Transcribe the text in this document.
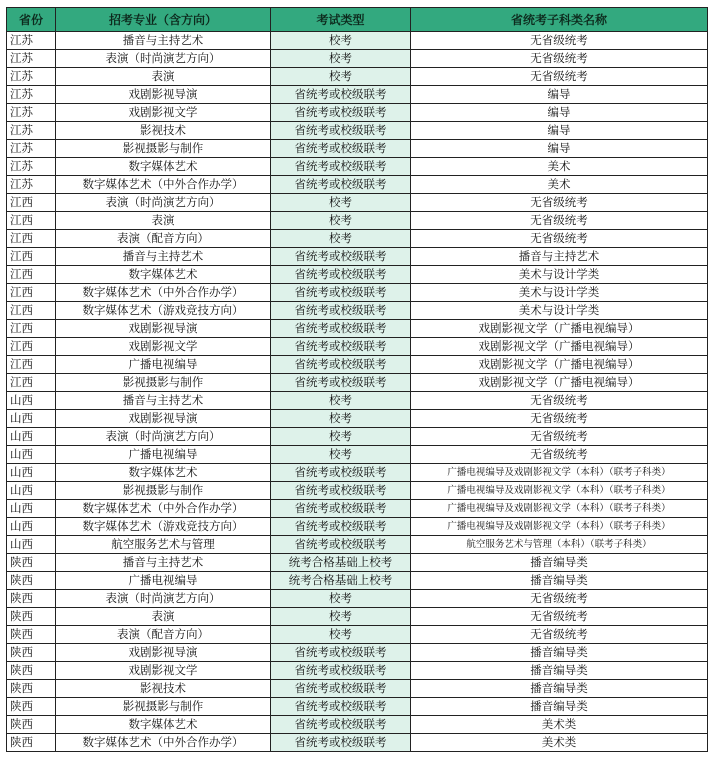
省份	招考专业（含方向）	考试类型	省统考子科类名称
江苏	播音与主持艺术	校考	无省级统考
江苏	表演（时尚演艺方向）	校考	无省级统考
江苏	表演	校考	无省级统考
江苏	戏剧影视导演	省统考或校级联考	编导
江苏	戏剧影视文学	省统考或校级联考	编导
江苏	影视技术	省统考或校级联考	编导
江苏	影视摄影与制作	省统考或校级联考	编导
江苏	数字媒体艺术	省统考或校级联考	美术
江苏	数字媒体艺术（中外合作办学）	省统考或校级联考	美术
江西	表演（时尚演艺方向）	校考	无省级统考
江西	表演	校考	无省级统考
江西	表演（配音方向）	校考	无省级统考
江西	播音与主持艺术	省统考或校级联考	播音与主持艺术
江西	数字媒体艺术	省统考或校级联考	美术与设计学类
江西	数字媒体艺术（中外合作办学）	省统考或校级联考	美术与设计学类
江西	数字媒体艺术（游戏竞技方向）	省统考或校级联考	美术与设计学类
江西	戏剧影视导演	省统考或校级联考	戏剧影视文学（广播电视编导）
江西	戏剧影视文学	省统考或校级联考	戏剧影视文学（广播电视编导）
江西	广播电视编导	省统考或校级联考	戏剧影视文学（广播电视编导）
江西	影视摄影与制作	省统考或校级联考	戏剧影视文学（广播电视编导）
山西	播音与主持艺术	校考	无省级统考
山西	戏剧影视导演	校考	无省级统考
山西	表演（时尚演艺方向）	校考	无省级统考
山西	广播电视编导	校考	无省级统考
山西	数字媒体艺术	省统考或校级联考	广播电视编导及戏剧影视文学（本科）（联考子科类）
山西	影视摄影与制作	省统考或校级联考	广播电视编导及戏剧影视文学（本科）（联考子科类）
山西	数字媒体艺术（中外合作办学）	省统考或校级联考	广播电视编导及戏剧影视文学（本科）（联考子科类）
山西	数字媒体艺术（游戏竞技方向）	省统考或校级联考	广播电视编导及戏剧影视文学（本科）（联考子科类）
山西	航空服务艺术与管理	省统考或校级联考	航空服务艺术与管理（本科）（联考子科类）
陕西	播音与主持艺术	统考合格基础上校考	播音编导类
陕西	广播电视编导	统考合格基础上校考	播音编导类
陕西	表演（时尚演艺方向）	校考	无省级统考
陕西	表演	校考	无省级统考
陕西	表演（配音方向）	校考	无省级统考
陕西	戏剧影视导演	省统考或校级联考	播音编导类
陕西	戏剧影视文学	省统考或校级联考	播音编导类
陕西	影视技术	省统考或校级联考	播音编导类
陕西	影视摄影与制作	省统考或校级联考	播音编导类
陕西	数字媒体艺术	省统考或校级联考	美术类
陕西	数字媒体艺术（中外合作办学）	省统考或校级联考	美术类
